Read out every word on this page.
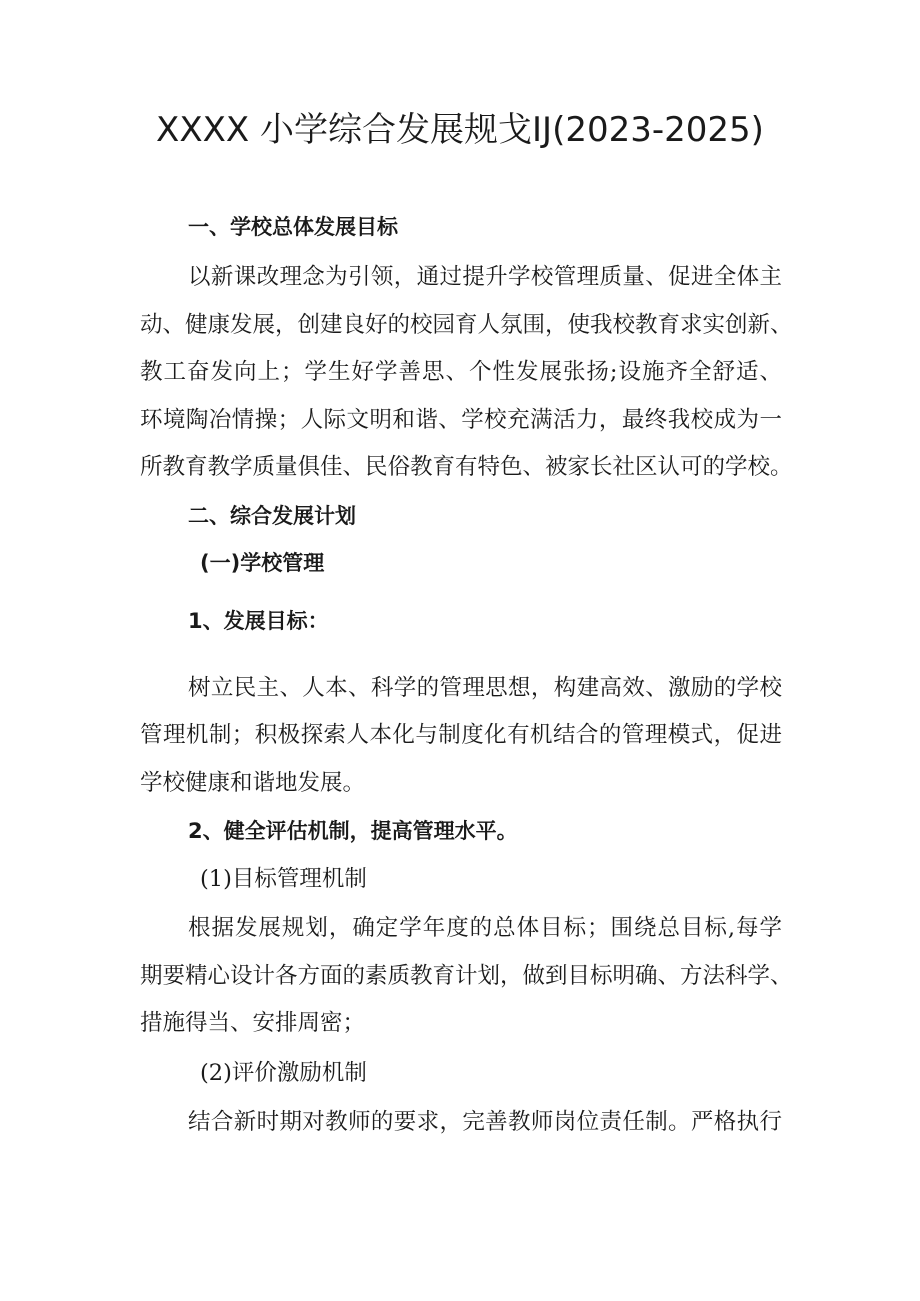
XXXX 小学综合发展规戈IJ(2023-2025)

一、学校总体发展目标

以新课改理念为引领，通过提升学校管理质量、促进全体主

动、健康发展，创建良好的校园育人氛围，使我校教育求实创新、

教工奋发向上；学生好学善思、个性发展张扬;设施齐全舒适、

环境陶冶情操；人际文明和谐、学校充满活力，最终我校成为一

所教育教学质量俱佳、民俗教育有特色、被家长社区认可的学校。

二、综合发展计划

(一)学校管理

1、发展目标：

树立民主、人本、科学的管理思想，构建高效、激励的学校

管理机制；积极探索人本化与制度化有机结合的管理模式，促进

学校健康和谐地发展。

2、健全评估机制，提高管理水平。

(1)目标管理机制

根据发展规划，确定学年度的总体目标；围绕总目标,每学

期要精心设计各方面的素质教育计划，做到目标明确、方法科学、

措施得当、安排周密；

(2)评价激励机制

结合新时期对教师的要求，完善教师岗位责任制。严格执行
